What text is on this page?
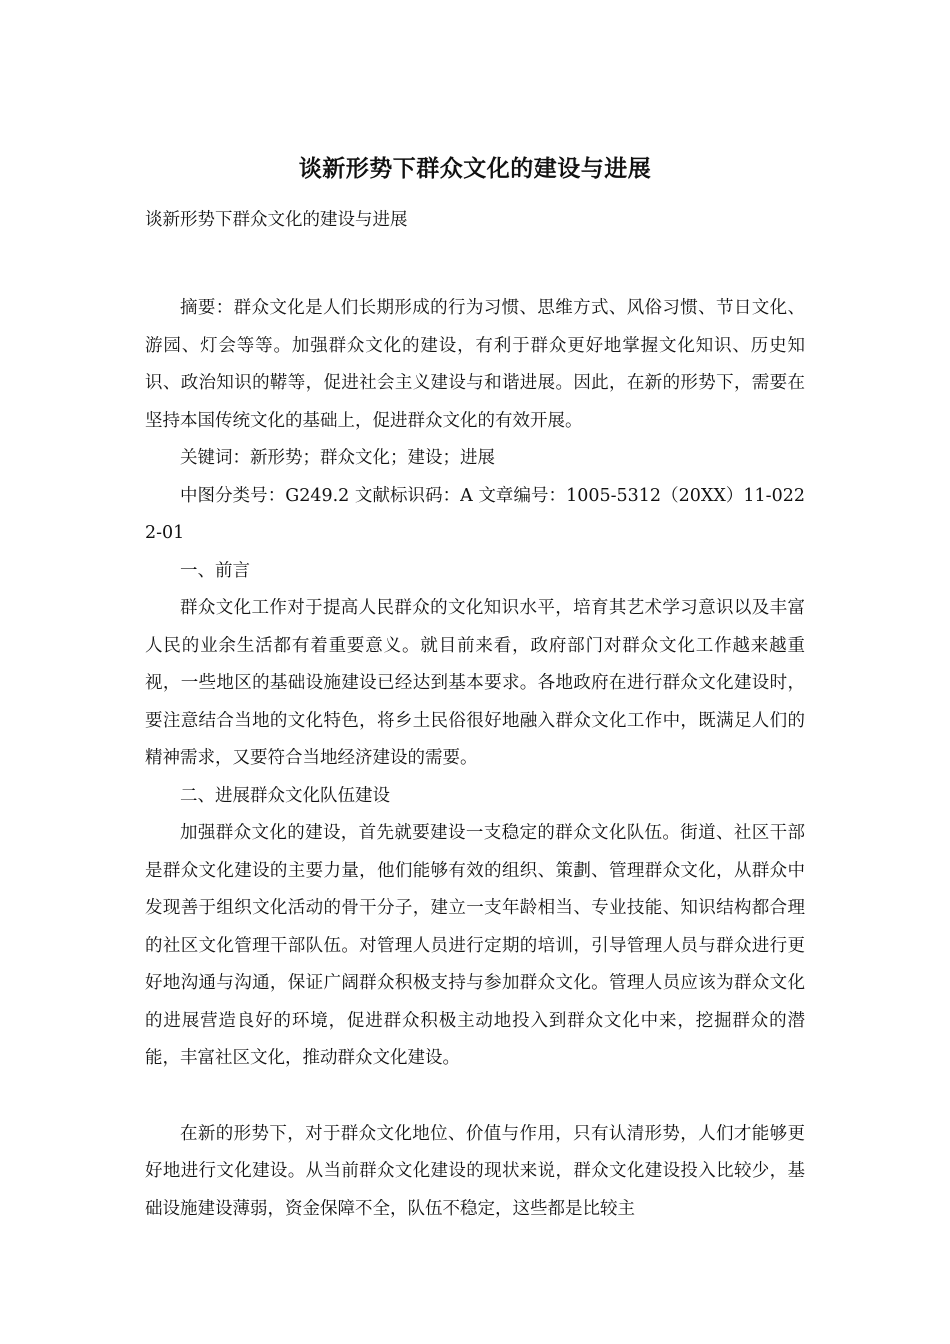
谈新形势下群众文化的建设与进展

谈新形势下群众文化的建设与进展

摘要：群众文化是人们长期形成的行为习惯、思维方式、风俗习惯、节日文化、游园、灯会等等。加强群众文化的建设，有利于群众更好地掌握文化知识、历史知识、政治知识的鞯等，促进社会主义建设与和谐进展。因此，在新的形势下，需要在坚持本国传统文化的基础上，促进群众文化的有效开展。

关键词：新形势；群众文化；建设；进展

中图分类号：G249.2 文献标识码：A 文章编号：1005-5312（20XX）11-0222-01

一、前言

群众文化工作对于提高人民群众的文化知识水平，培育其艺术学习意识以及丰富人民的业余生活都有着重要意义。就目前来看，政府部门对群众文化工作越来越重视，一些地区的基础设施建设已经达到基本要求。各地政府在进行群众文化建设时，要注意结合当地的文化特色，将乡土民俗很好地融入群众文化工作中，既满足人们的精神需求，又要符合当地经济建设的需要。

二、进展群众文化队伍建设

加强群众文化的建设，首先就要建设一支稳定的群众文化队伍。街道、社区干部是群众文化建设的主要力量，他们能够有效的组织、策劃、管理群众文化，从群众中发现善于组织文化活动的骨干分子，建立一支年龄相当、专业技能、知识结构都合理的社区文化管理干部队伍。对管理人员进行定期的培训，引导管理人员与群众进行更好地沟通与沟通，保证广阔群众积极支持与参加群众文化。管理人员应该为群众文化的进展营造良好的环境，促进群众积极主动地投入到群众文化中来，挖掘群众的潜能，丰富社区文化，推动群众文化建设。

在新的形势下，对于群众文化地位、价值与作用，只有认清形势，人们才能够更好地进行文化建设。从当前群众文化建设的现状来说，群众文化建设投入比较少，基础设施建设薄弱，资金保障不全，队伍不稳定，这些都是比较主
